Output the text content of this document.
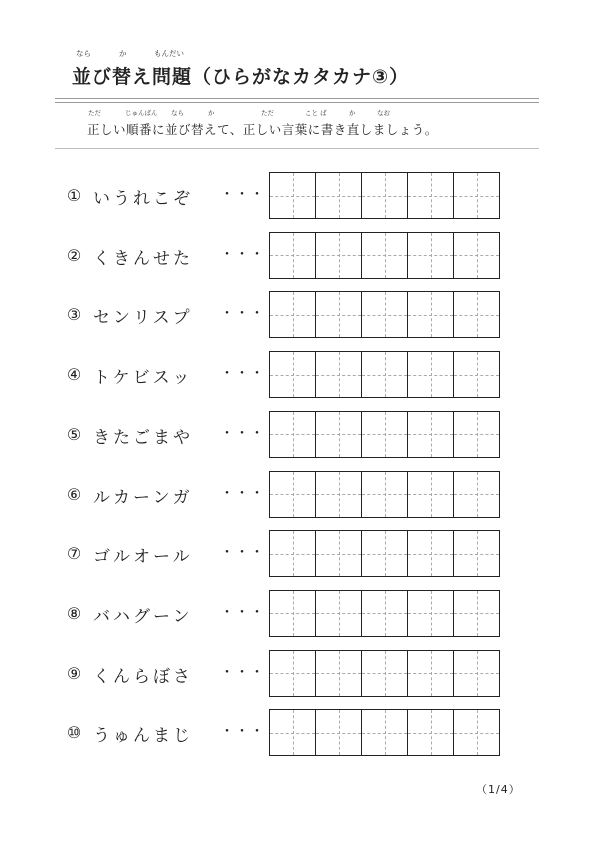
なら	か	もんだい
並び替え問題（ひらがなカタカナ③）
ただ	じゅんばん なら	か	ただ	こと ば	か	なお
正しい順番に並び替えて、正しい言葉に書き直しましょう。
① いうれこぞ ・・・
② くきんせた ・・・
③ センリスプ ・・・
④ トケビスッ ・・・
⑤ きたごまや ・・・
⑥ ルカーンガ ・・・
⑦ ゴルオール ・・・
⑧ バハグーン ・・・
⑨ くんらぼさ ・・・
⑩ うゅんまじ ・・・
（1/4）
